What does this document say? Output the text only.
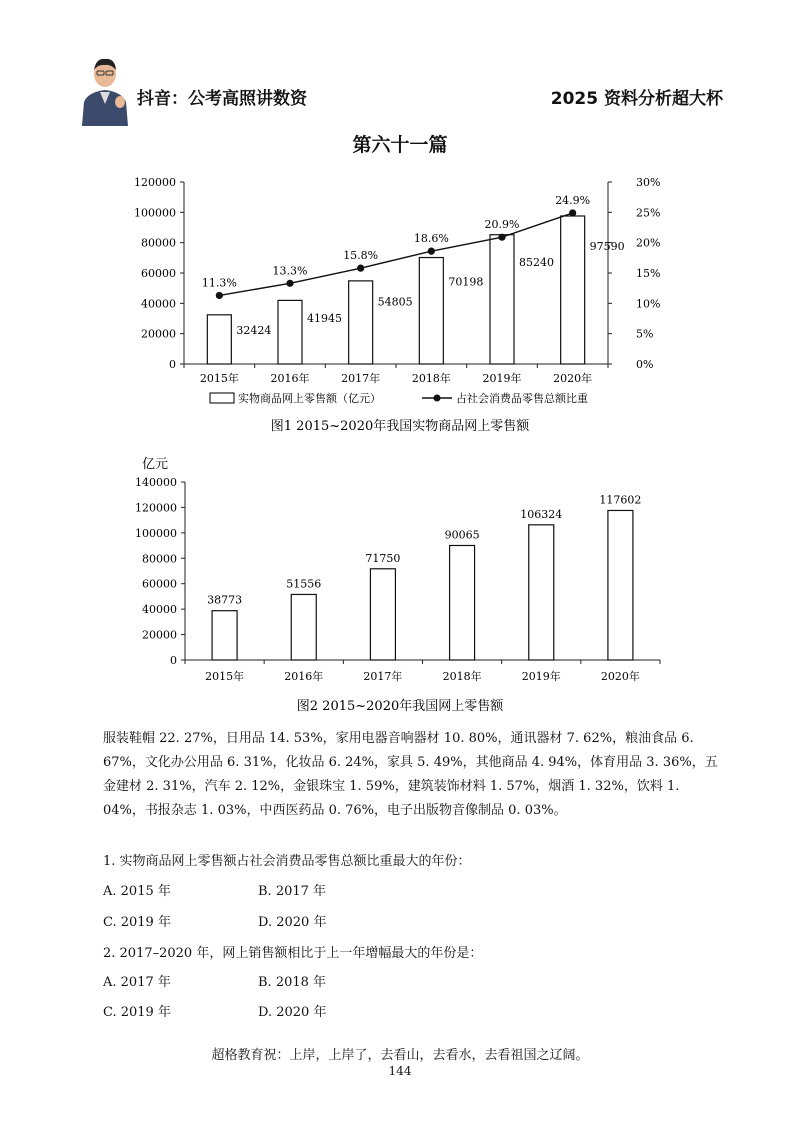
抖音：公考高照讲数资	2025 资料分析超大杯
第六十一篇
0
20000
40000
60000
80000
100000
120000
0%
5%
10%
15%
20%
25%
30%
32424
2015年
41945
2016年
54805
2017年
70198
2018年
85240
2019年
97590
2020年
11.3%
13.3%
15.8%
18.6%
20.9%
24.9%
实物商品网上零售额（亿元）	占社会消费品零售总额比重
图1 2015~2020年我国实物商品网上零售额
亿元
0
20000
40000
60000
80000
100000
120000
140000
38773
2015年
51556
2016年
71750
2017年
90065
2018年
106324
2019年
117602
2020年
图2 2015~2020年我国网上零售额
服装鞋帽 22. 27%，日用品 14. 53%，家用电器音响器材 10. 80%，通讯器材 7. 62%，粮油食品 6. 67%，文化办公用品 6. 31%，化妆品 6. 24%，家具 5. 49%，其他商品 4. 94%，体育用品 3. 36%，五金建材 2. 31%，汽车 2. 12%，金银珠宝 1. 59%，建筑装饰材料 1. 57%，烟酒 1. 32%，饮料 1. 04%，书报杂志 1. 03%，中西医药品 0. 76%，电子出版物音像制品 0. 03%。
1. 实物商品网上零售额占社会消费品零售总额比重最大的年份：
A. 2015 年	B. 2017 年
C. 2019 年	D. 2020 年
2. 2017–2020 年，网上销售额相比于上一年增幅最大的年份是：
A. 2017 年	B. 2018 年
C. 2019 年	D. 2020 年
超格教育祝：上岸，上岸了，去看山，去看水，去看祖国之辽阔。
144
